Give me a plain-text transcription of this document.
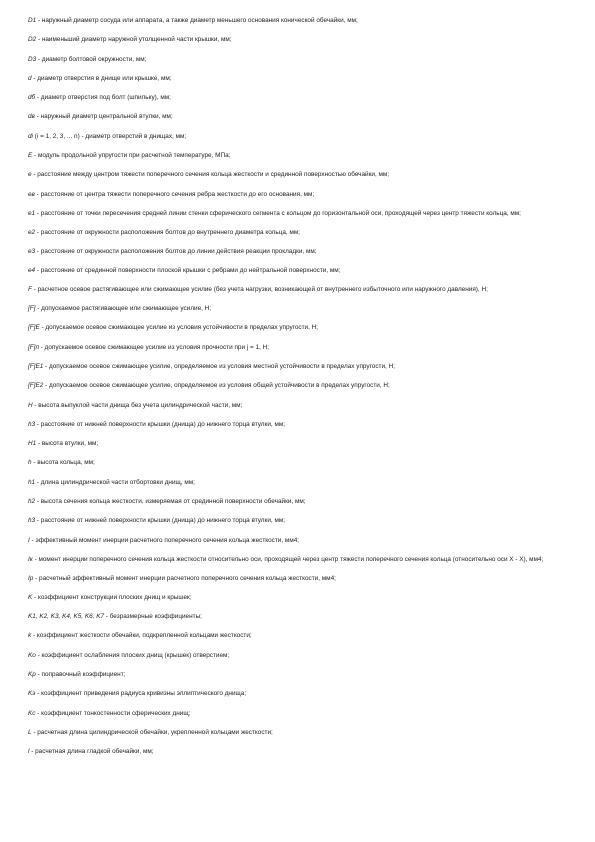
D1 - наружный диаметр сосуда или аппарата, а также диаметр меньшего основания конической обечайки, мм;

D2 - наименьший диаметр наружной утолщенной части крышки, мм;

D3 - диаметр болтовой окружности, мм;

d - диаметр отверстия в днище или крышке, мм;

dб - диаметр отверстия под болт (шпильку), мм;

dв - наружный диаметр центральной втулки, мм;

di (i = 1, 2, 3, ... n) - диаметр отверстий в днищах, мм;

E - модуль продольной упругости при расчетной температуре, МПа;

e - расстояние между центром тяжести поперечного сечения кольца жесткости и срединной поверхностью обечайки, мм;

eв - расстояние от центра тяжести поперечного сечения ребра жесткости до его основания, мм;

e1 - расстояние от точки пересечения средней линии стенки сферического сегмента с кольцом до горизонтальной оси, проходящей через центр тяжести кольца, мм;

e2 - расстояние от окружности расположения болтов до внутреннего диаметра кольца, мм;

e3 - расстояние от окружности расположения болтов до линии действия реакции прокладки, мм;

e4 - расстояние от срединной поверхности плоской крышки с ребрами до нейтральной поверхности, мм;

F - расчетное осевое растягивающее или сжимающее усилие (без учета нагрузки, возникающей от внутреннего избыточного или наружного давления), Н;

[F] - допускаемое растягивающее или сжимающее усилие, Н;

[F]E - допускаемое осевое сжимающее усилие из условия устойчивости в пределах упругости, Н;

[F]п - допускаемое осевое сжимающее усилие из условия прочности при j = 1, Н;

[F]E1 - допускаемое осевое сжимающее усилие, определяемое из условия местной устойчивости в пределах упругости, Н;

[F]E2 - допускаемое осевое сжимающее усилие, определяемое из условия общей устойчивости в пределах упругости, Н;

H - высота выпуклой части днища без учета цилиндрической части, мм;

h3 - расстояние от нижней поверхности крышки (днища) до нижнего торца втулки, мм;

H1 - высота втулки, мм;

h - высота кольца, мм;

h1 - длина цилиндрической части отбортовки днищ, мм;

h2 - высота сечения кольца жесткости, измеряемая от срединной поверхности обечайки, мм;

h3 - расстояние от нижней поверхности крышки (днища) до нижнего торца втулки, мм;

I - эффективный момент инерции расчетного поперечного сечения кольца жесткости, мм4;

Iк - момент инерции поперечного сечения кольца жесткости относительно оси, проходящей через центр тяжести поперечного сечения кольца (относительно оси X - X), мм4;

Ip - расчетный эффективный момент инерции расчетного поперечного сечения кольца жесткости, мм4;

K - коэффициент конструкции плоских днищ и крышек;

K1, K2, K3, K4, K5, K6, K7 - безразмерные коэффициенты;

k - коэффициент жесткости обечайки, подкрепленной кольцами жесткости;

Kо - коэффициент ослабления плоских днищ (крышек) отверстием;

Kр - поправочный коэффициент;

Kэ - коэффициент приведения радиуса кривизны эллиптического днища;

Kс - коэффициент тонкостенности сферических днищ;

L - расчетная длина цилиндрической обечайки, укрепленной кольцами жесткости;

l - расчетная длина гладкой обечайки, мм;
